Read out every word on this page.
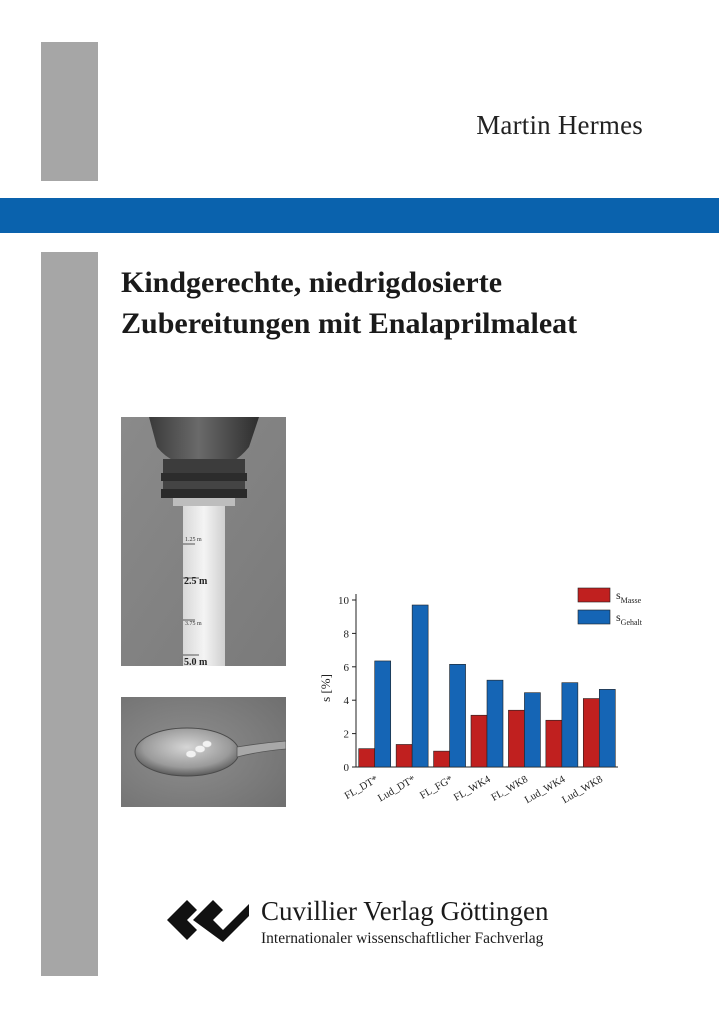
Martin Hermes
Kindgerechte, niedrigdosierte
Zubereitungen mit Enalaprilmaleat
1.25 m
2.5 m
3.75 m
5.0 m
0
2
4
6
8
10
FL_DT*
Lud_DT* FL_FG*
FL_WK4
FL_WK8
Lud_WK4
Lud_WK8
$s_{Masse}$
$s_{Gehalt}$
s [%]
Cuvillier Verlag Göttingen
Internationaler wissenschaftlicher Fachverlag
